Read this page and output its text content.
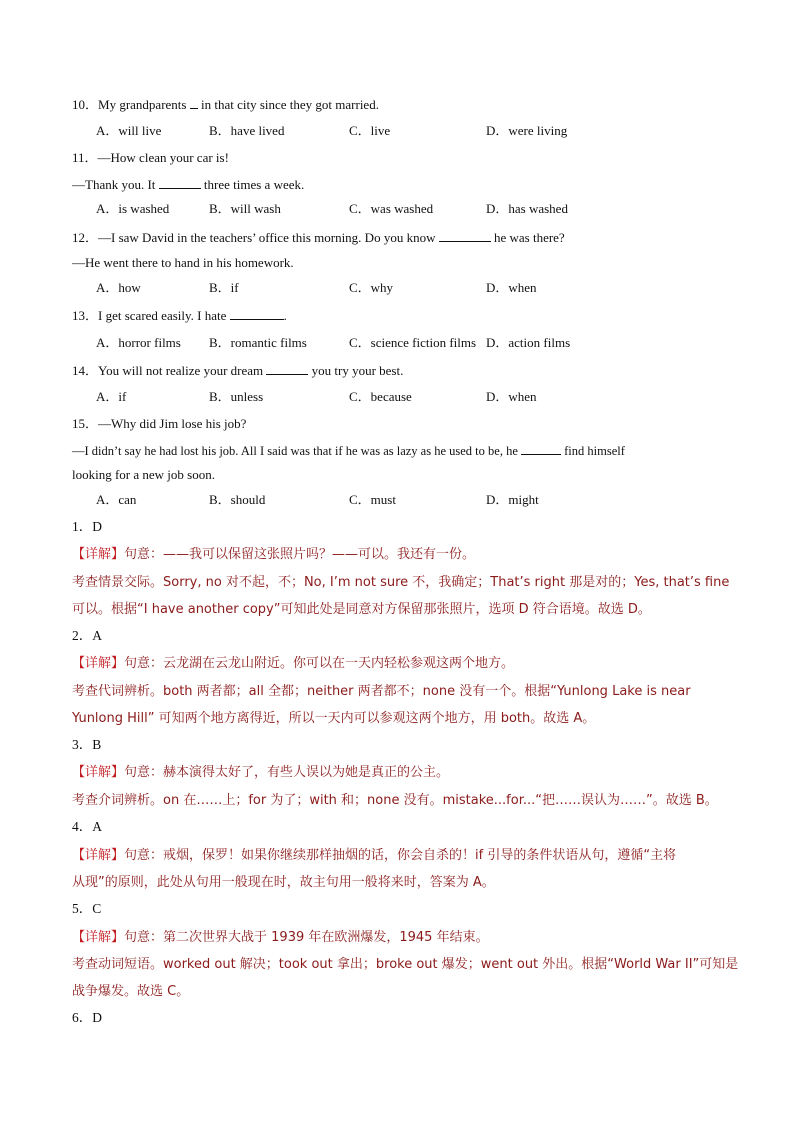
10．My grandparents  in that city since they got married.
A．will live	B．have lived	C．live	D．were living
11．—How clean your car is!
—Thank you. It	three times a week.
A．is washed	B．will wash	C．was washed	D．has washed
12．—I saw David in the teachers’ office this morning. Do you know	he was there?
—He went there to hand in his homework.
A．how	B．if	C．why	D．when
13．I get scared easily. I hate	.
A．horror films B．romantic films	C．science fiction films D．action films
14．You will not realize your dream	you try your best.
A．if	B．unless	C．because	D．when
15．—Why did Jim lose his job?
—I didn’t say he had lost his job. All I said was that if he was as lazy as he used to be, he	find himself
looking for a new job soon.
A．can	B．should	C．must	D．might
1．D
【详解】句意：——我可以保留这张照片吗？——可以。我还有一份。
考查情景交际。Sorry, no 对不起，不；No, I’m not sure 不，我确定；That’s right 那是对的；Yes, that’s fine
可以。根据“I have another copy”可知此处是同意对方保留那张照片，选项 D 符合语境。故选 D。
2．A
【详解】句意：云龙湖在云龙山附近。你可以在一天内轻松参观这两个地方。
考查代词辨析。both 两者都；all 全都；neither 两者都不；none 没有一个。根据“Yunlong Lake is near
Yunlong Hill” 可知两个地方离得近，所以一天内可以参观这两个地方，用 both。故选 A。
3．B
【详解】句意：赫本演得太好了，有些人误以为她是真正的公主。
考查介词辨析。on 在……上；for 为了；with 和；none 没有。mistake...for...“把……误认为……”。故选 B。
4．A
【详解】句意：戒烟，保罗！如果你继续那样抽烟的话，你会自杀的！if 引导的条件状语从句，遵循“主将
从现”的原则，此处从句用一般现在时，故主句用一般将来时，答案为 A。
5．C
【详解】句意：第二次世界大战于 1939 年在欧洲爆发，1945 年结束。
考查动词短语。worked out 解决；took out 拿出；broke out 爆发；went out 外出。根据“World War II”可知是
战争爆发。故选 C。
6．D
